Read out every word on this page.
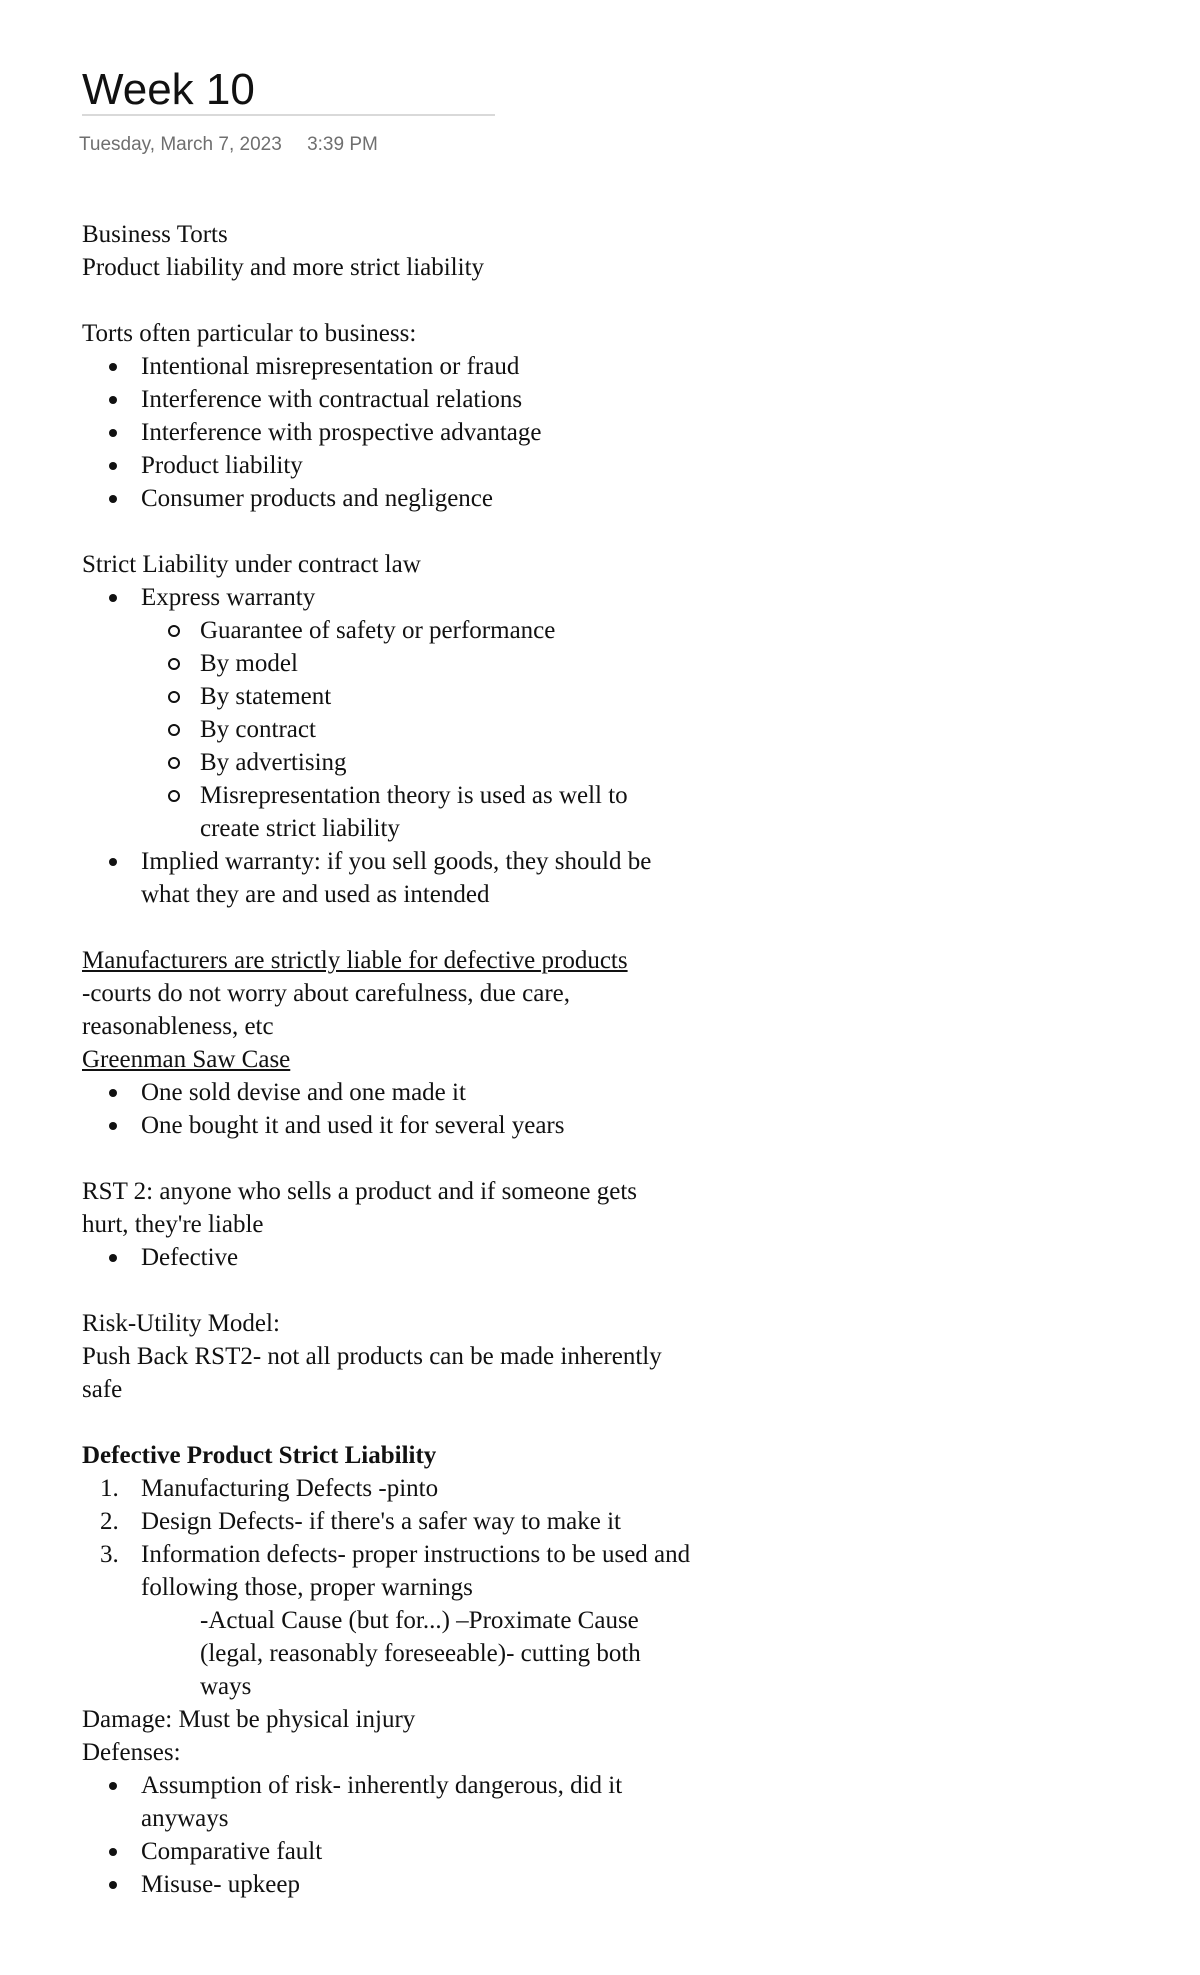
Week 10
Tuesday, March 7, 2023 3:39 PM

Business Torts

Product liability and more strict liability

Torts often particular to business:

Intentional misrepresentation or fraud
Interference with contractual relations
Interference with prospective advantage
Product liability
Consumer products and negligence

Strict Liability under contract law

Express warranty
Guarantee of safety or performance
By model
By statement
By contract
By advertising
Misrepresentation theory is used as well to create strict liability
Implied warranty: if you sell goods, they should be what they are and used as intended

Manufacturers are strictly liable for defective products

-courts do not worry about carefulness, due care, reasonableness, etc

Greenman Saw Case

One sold devise and one made it
One bought it and used it for several years

RST 2: anyone who sells a product and if someone gets hurt, they're liable

Defective

Risk-Utility Model:

Push Back RST2- not all products can be made inherently safe

Defective Product Strict Liability

1. Manufacturing Defects -pinto
2. Design Defects- if there's a safer way to make it
3. Information defects- proper instructions to be used and following those, proper warnings

-Actual Cause (but for...) –Proximate Cause (legal, reasonably foreseeable)- cutting both ways

Damage: Must be physical injury

Defenses:

Assumption of risk- inherently dangerous, did it anyways
Comparative fault
Misuse- upkeep
